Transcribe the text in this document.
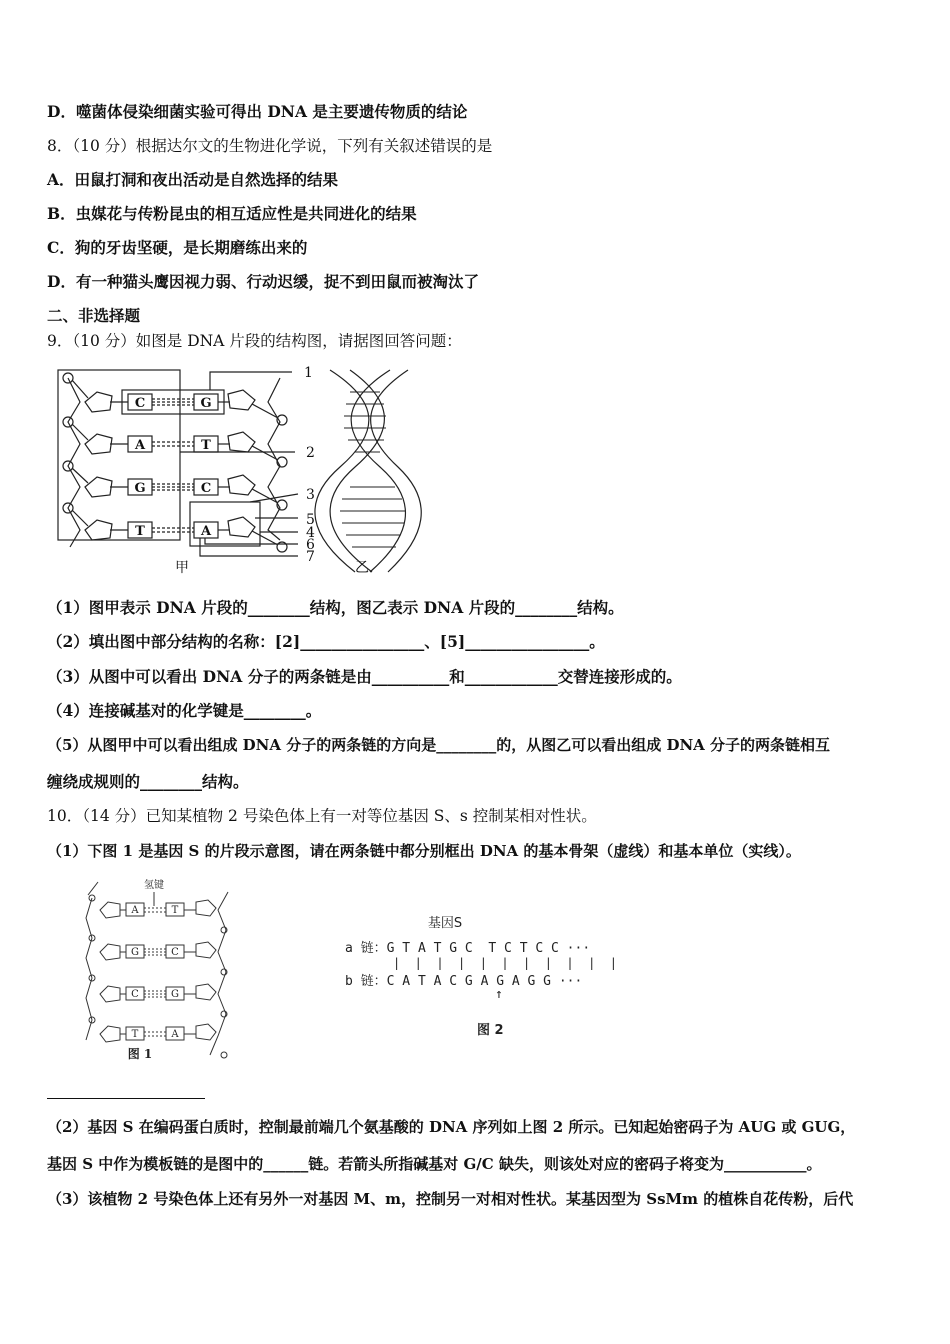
D．噬菌体侵染细菌实验可得出 DNA 是主要遗传物质的结论
8．（10 分）根据达尔文的生物进化学说，下列有关叙述错误的是
A．田鼠打洞和夜出活动是自然选择的结果
B．虫媒花与传粉昆虫的相互适应性是共同进化的结果
C．狗的牙齿坚硬，是长期磨练出来的
D．有一种猫头鹰因视力弱、行动迟缓，捉不到田鼠而被淘汰了
二、非选择题
9．（10 分）如图是 DNA 片段的结构图，请据图回答问题：
C
A
G
T
G
T
C
A
1
2
3
5
4
6
7
甲	乙
（1）图甲表示 DNA 片段的________结构，图乙表示 DNA 片段的________结构。
（2）填出图中部分结构的名称：[2]________________、[5]________________。
（3）从图中可以看出 DNA 分子的两条链是由__________和____________交替连接形成的。
（4）连接碱基对的化学键是________。
（5）从图甲中可以看出组成 DNA 分子的两条链的方向是________的，从图乙可以看出组成 DNA 分子的两条链相互
缠绕成规则的________结构。
10．（14 分）已知某植物 2 号染色体上有一对等位基因 S、s 控制某相对性状。
（1）下图 1 是基因 S 的片段示意图，请在两条链中都分别框出 DNA 的基本骨架（虚线）和基本单位（实线）。
氢键
A
G
C
T
T
C
G
A
图 1
基因S
a 链：G T A T G C  T C T C C ···
|  |  |  |  |  |  |  |  |  |  |
b 链：C A T A C G A G A G G ···
↑
图 2
（2）基因 S 在编码蛋白质时，控制最前端几个氨基酸的 DNA 序列如上图 2 所示。已知起始密码子为 AUG 或 GUG，
基因 S 中作为模板链的是图中的______链。若箭头所指碱基对 G/C 缺失，则该处对应的密码子将变为___________。
（3）该植物 2 号染色体上还有另外一对基因 M、m，控制另一对相对性状。某基因型为 SsMm 的植株自花传粉，后代
